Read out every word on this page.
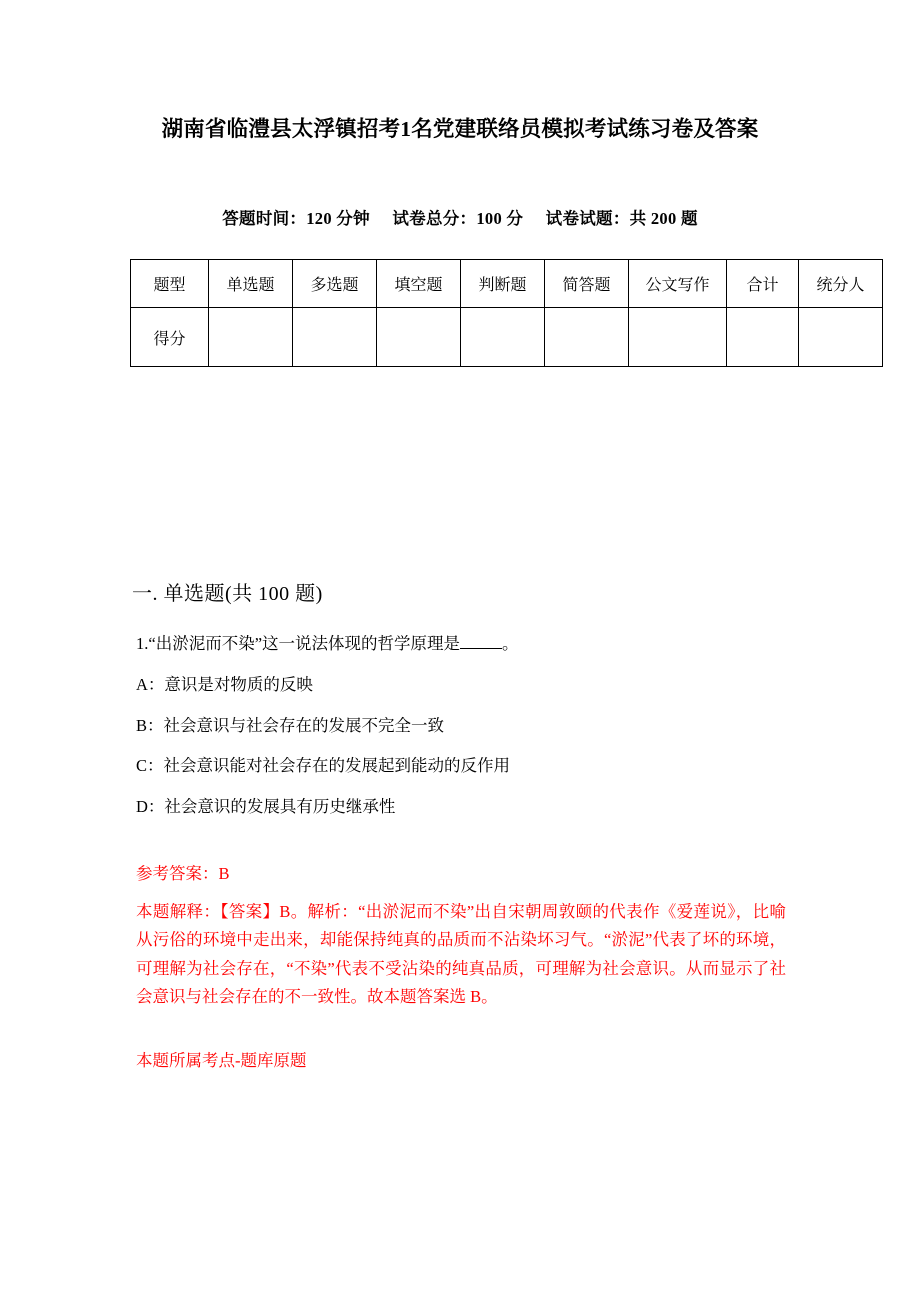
湖南省临澧县太浮镇招考1名党建联络员模拟考试练习卷及答案
答题时间：120 分钟 试卷总分：100 分 试卷试题：共 200 题
题型	单选题	多选题	填空题	判断题	简答题	公文写作	合计	统分人
得分								
一. 单选题(共 100 题)
1.“出淤泥而不染”这一说法体现的哲学原理是	。
A：意识是对物质的反映
B：社会意识与社会存在的发展不完全一致
C：社会意识能对社会存在的发展起到能动的反作用
D：社会意识的发展具有历史继承性
参考答案：B
本题解释：【答案】B。解析：“出淤泥而不染”出自宋朝周敦颐的代表作《爱莲说》，比喻从污俗的环境中走出来，却能保持纯真的品质而不沾染坏习气。“淤泥”代表了坏的环境，可理解为社会存在，“不染”代表不受沾染的纯真品质，可理解为社会意识。从而显示了社会意识与社会存在的不一致性。故本题答案选 B。
本题所属考点-题库原题
